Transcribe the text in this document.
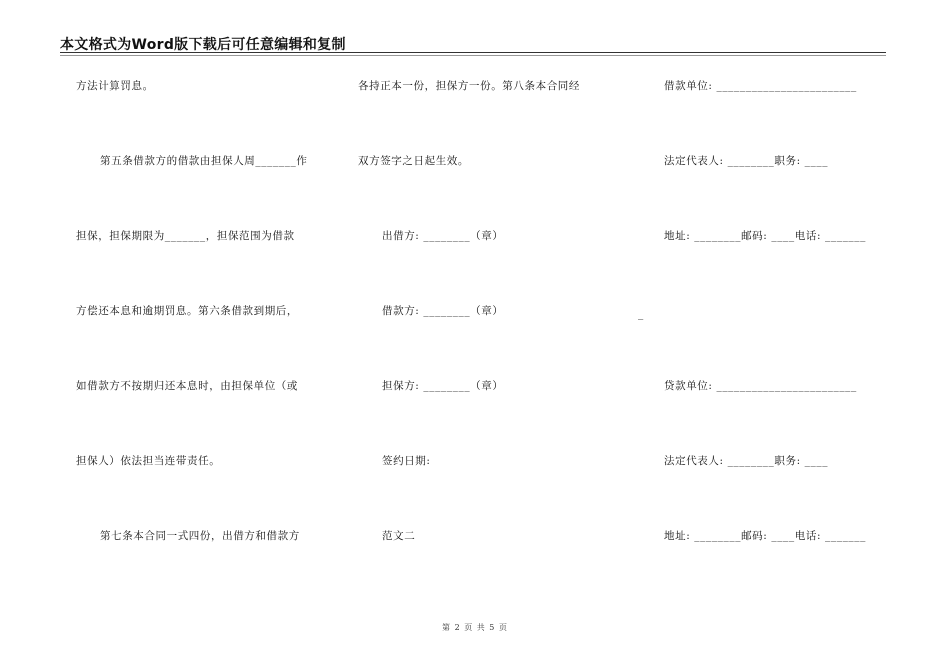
本文格式为Word版下载后可任意编辑和复制
方法计算罚息。
第五条借款方的借款由担保人周_______作
担保，担保期限为_______，担保范围为借款
方偿还本息和逾期罚息。第六条借款到期后，
如借款方不按期归还本息时，由担保单位（或
担保人）依法担当连带责任。
第七条本合同一式四份，出借方和借款方
各持正本一份，担保方一份。第八条本合同经
双方签字之日起生效。
出借方: ________（章）
借款方: ________（章）
担保方: ________（章）
签约日期:
范文二
借款单位: ________________________
法定代表人: ________职务: ____
地址: ________邮码: ____电话: _______
贷款单位: ________________________
法定代表人: ________职务: ____
地址: ________邮码: ____电话: _______
_
第 2 页 共 5 页
